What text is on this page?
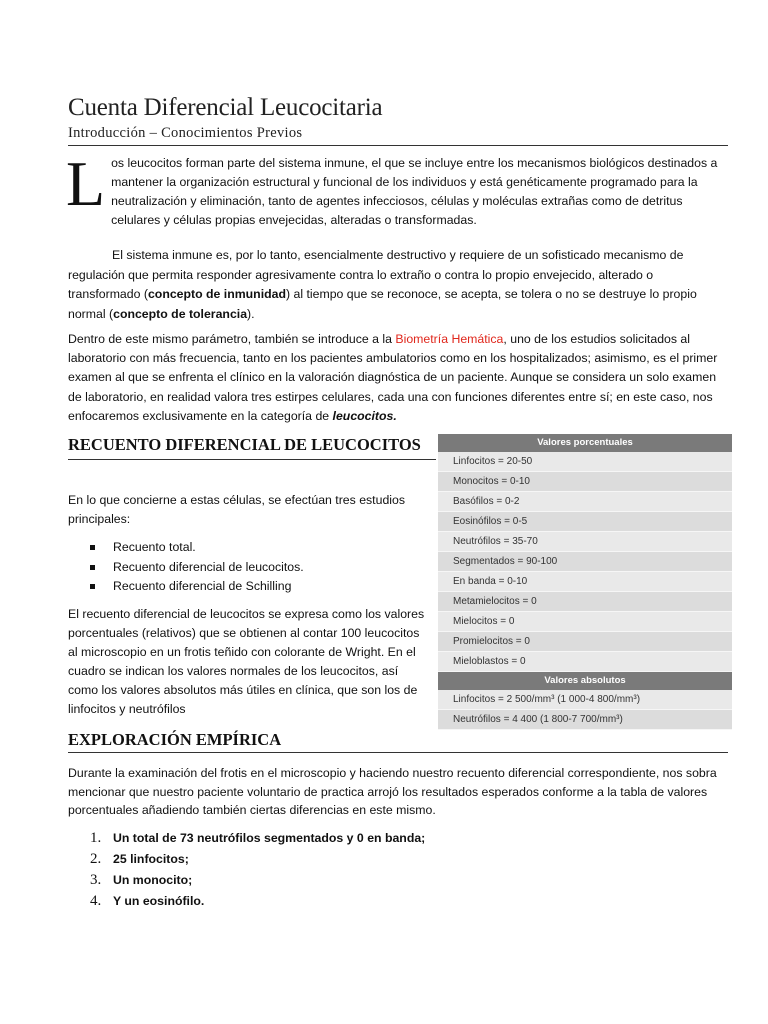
Cuenta Diferencial Leucocitaria
Introducción – Conocimientos Previos
L os leucocitos forman parte del sistema inmune, el que se incluye entre los mecanismos biológicos destinados a mantener la organización estructural y funcional de los individuos y está genéticamente programado para la neutralización y eliminación, tanto de agentes infecciosos, células y moléculas extrañas como de detritus celulares y células propias envejecidas, alteradas o transformadas.

El sistema inmune es, por lo tanto, esencialmente destructivo y requiere de un sofisticado mecanismo de regulación que permita responder agresivamente contra lo extraño o contra lo propio envejecido, alterado o transformado (concepto de inmunidad) al tiempo que se reconoce, se acepta, se tolera o no se destruye lo propio normal (concepto de tolerancia).

Dentro de este mismo parámetro, también se introduce a la Biometría Hemática, uno de los estudios solicitados al laboratorio con más frecuencia, tanto en los pacientes ambulatorios como en los hospitalizados; asimismo, es el primer examen al que se enfrenta el clínico en la valoración diagnóstica de un paciente. Aunque se considera un solo examen de laboratorio, en realidad valora tres estirpes celulares, cada una con funciones diferentes entre sí; en este caso, nos enfocaremos exclusivamente en la categoría de leucocitos.

RECUENTO DIFERENCIAL DE LEUCOCITOS

En lo que concierne a estas células, se efectúan tres estudios principales:

Recuento total.
Recuento diferencial de leucocitos.
Recuento diferencial de Schilling

El recuento diferencial de leucocitos se expresa como los valores porcentuales (relativos) que se obtienen al contar 100 leucocitos al microscopio en un frotis teñido con colorante de Wright. En el cuadro se indican los valores normales de los leucocitos, así como los valores absolutos más útiles en clínica, que son los de linfocitos y neutrófilos

EXPLORACIÓN EMPÍRICA

Durante la examinación del frotis en el microscopio y haciendo nuestro recuento diferencial correspondiente, nos sobra mencionar que nuestro paciente voluntario de practica arrojó los resultados esperados conforme a la tabla de valores porcentuales añadiendo también ciertas diferencias en este mismo.

1. Un total de 73 neutrófilos segmentados y 0 en banda;
2. 25 linfocitos;
3. Un monocito;
4. Y un eosinófilo.
Valores porcentuales
Linfocitos = 20-50
Monocitos = 0-10
Basófilos = 0-2
Eosinófilos = 0-5
Neutrófilos = 35-70
Segmentados = 90-100
En banda = 0-10
Metamielocitos = 0
Mielocitos = 0
Promielocitos = 0
Mieloblastos = 0
Valores absolutos
Linfocitos = 2 500/mm³ (1 000-4 800/mm³)
Neutrófilos = 4 400 (1 800-7 700/mm³)
